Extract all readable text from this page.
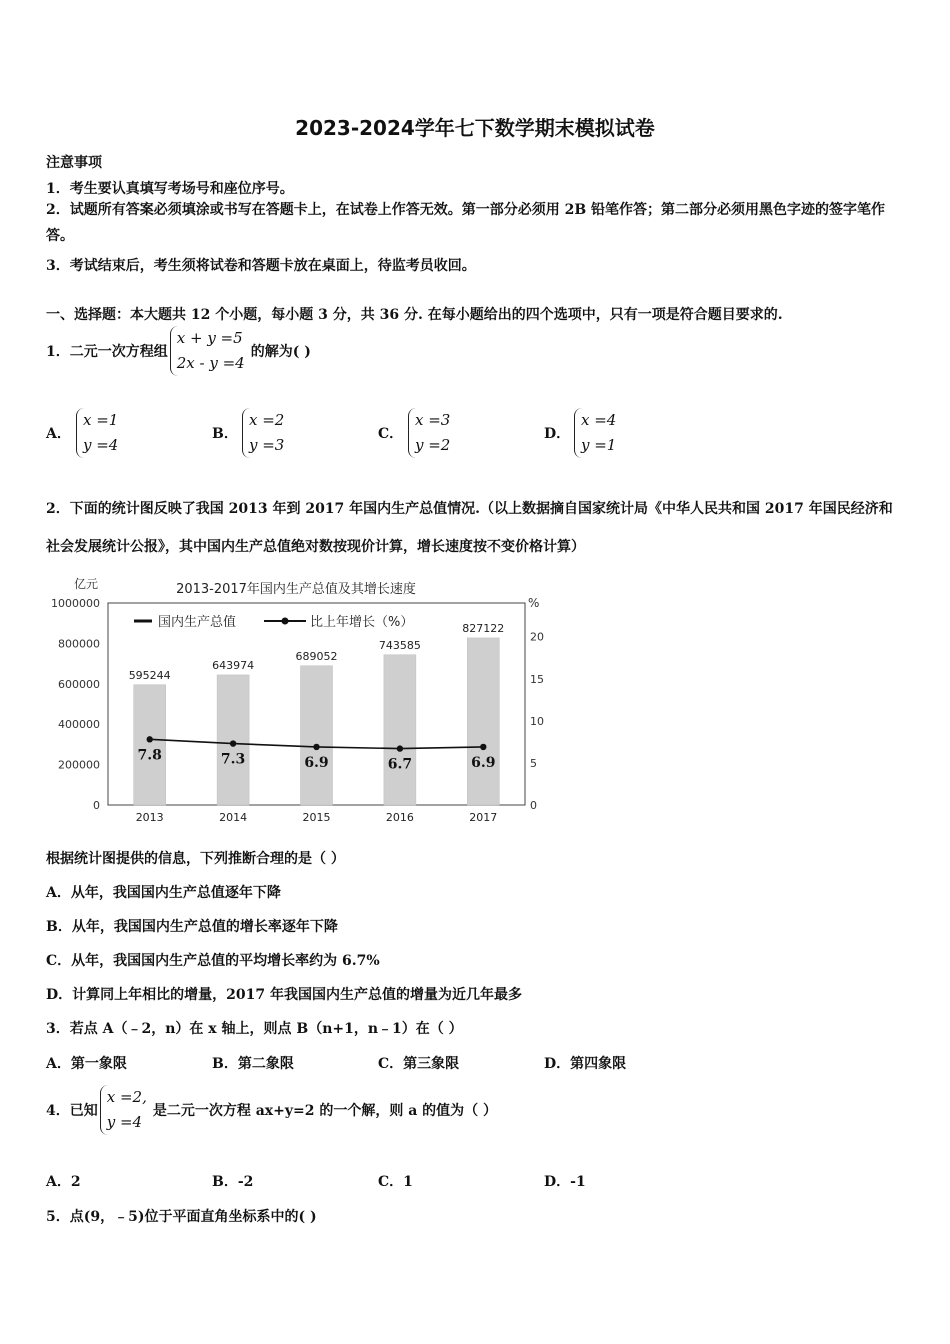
2023-2024学年七下数学期末模拟试卷
注意事项
1．考生要认真填写考场号和座位序号。
2．试题所有答案必须填涂或书写在答题卡上，在试卷上作答无效。第一部分必须用 2B 铅笔作答；第二部分必须用黑色字迹的签字笔作答。
3．考试结束后，考生须将试卷和答题卡放在桌面上，待监考员收回。
一、选择题：本大题共 12 个小题，每小题 3 分，共 36 分. 在每小题给出的四个选项中，只有一项是符合题目要求的.
1．二元一次方程组x + y =5
2x - y =4的解为( )
A．x =1
y =4
B．x =2
y =3
C．x =3
y =2
D．x =4
y =1
2．下面的统计图反映了我国 2013 年到 2017 年国内生产总值情况.（以上数据摘自国家统计局《中华人民共和国 2017 年国民经济和社会发展统计公报》，其中国内生产总值绝对数按现价计算，增长速度按不变价格计算）
亿元	2013-2017年国内生产总值及其增长速度
%
1000000
800000
600000
400000
200000
0
20
15
10
5
0
595244
643974
689052
743585
827122
7.8	7.3	6.9	6.7	6.9
2013	2014	2015	2016	2017
国内生产总值	比上年增长（%）
根据统计图提供的信息，下列推断合理的是（ ）
A．从年，我国国内生产总值逐年下降
B．从年，我国国内生产总值的增长率逐年下降
C．从年，我国国内生产总值的平均增长率约为 6.7%
D．计算同上年相比的增量，2017 年我国国内生产总值的增量为近几年最多
3．若点 A（﹣2，n）在 x 轴上，则点 B（n+1，n﹣1）在（ ）
A．第一象限	B．第二象限	C．第三象限	D．第四象限
4．已知x =2,
y =4是二元一次方程 ax+y=2 的一个解，则 a 的值为（ ）
A．2	B．-2	C．1	D．-1
5．点(9，﹣5)位于平面直角坐标系中的( )
